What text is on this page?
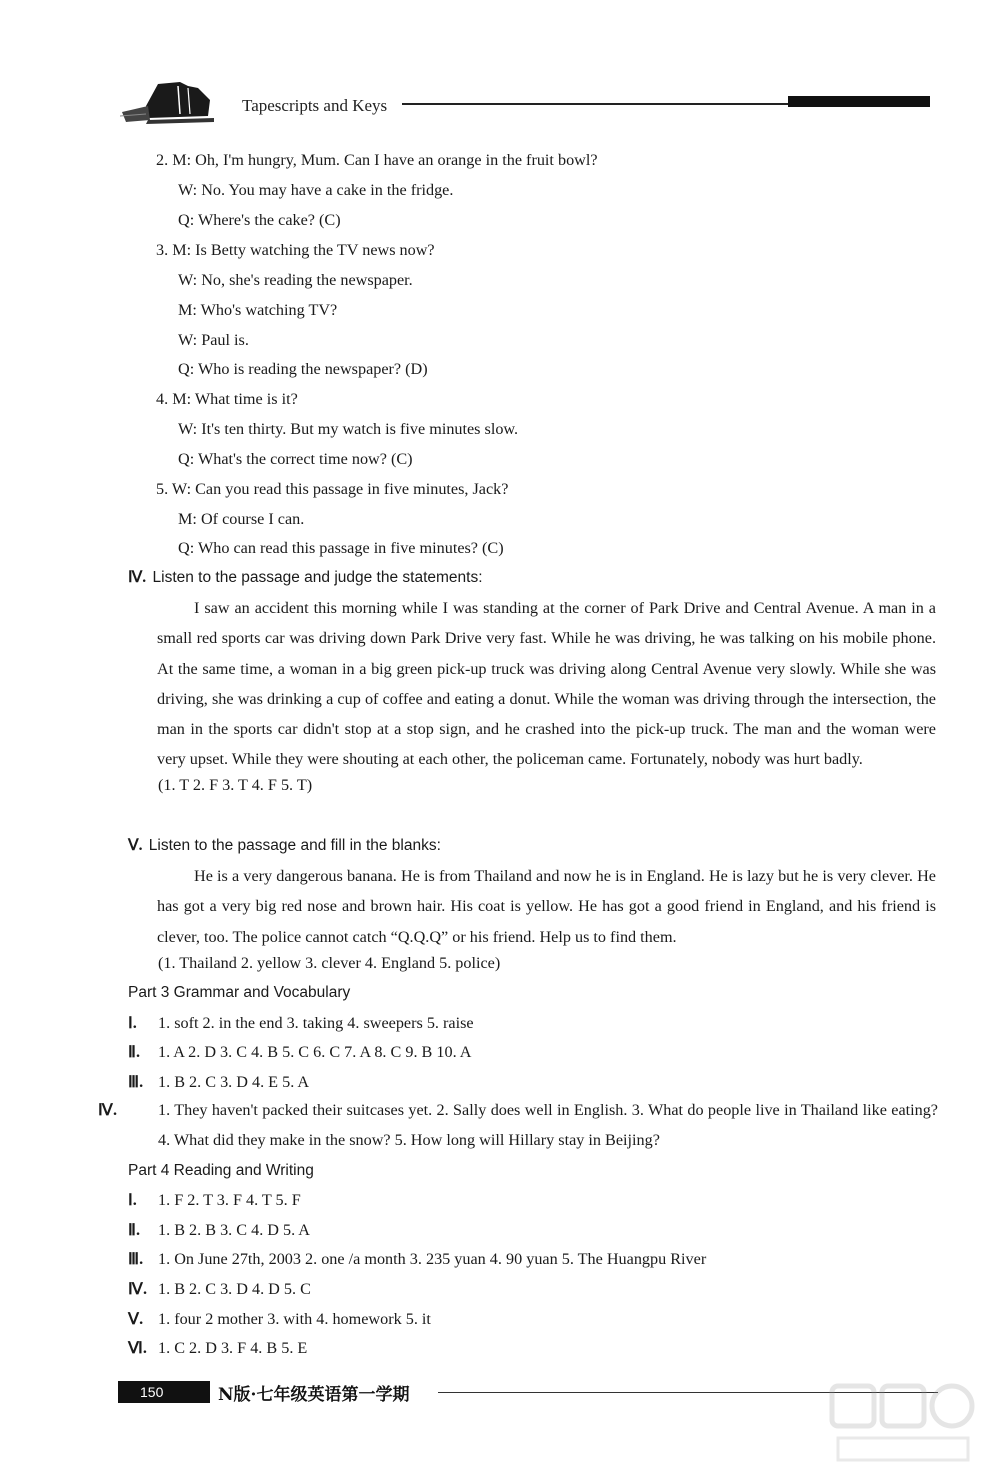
Tapescripts and Keys
2. M: Oh, I'm hungry, Mum. Can I have an orange in the fruit bowl?
W: No. You may have a cake in the fridge.
Q: Where's the cake? (C)
3. M: Is Betty watching the TV news now?
W: No, she's reading the newspaper.
M: Who's watching TV?
W: Paul is.
Q: Who is reading the newspaper? (D)
4. M: What time is it?
W: It's ten thirty. But my watch is five minutes slow.
Q: What's the correct time now? (C)
5. W: Can you read this passage in five minutes, Jack?
M: Of course I can.
Q: Who can read this passage in five minutes? (C)
Ⅳ. Listen to the passage and judge the statements:
I saw an accident this morning while I was standing at the corner of Park Drive and Central Avenue. A man in a small red sports car was driving down Park Drive very fast. While he was driving, he was talking on his mobile phone. At the same time, a woman in a big green pick-up truck was driving along Central Avenue very slowly. While she was driving, she was drinking a cup of coffee and eating a donut. While the woman was driving through the intersection, the man in the sports car didn't stop at a stop sign, and he crashed into the pick-up truck. The man and the woman were very upset. While they were shouting at each other, the policeman came. Fortunately, nobody was hurt badly.
(1. T 2. F 3. T 4. F 5. T)
Ⅴ. Listen to the passage and fill in the blanks:
He is a very dangerous banana. He is from Thailand and now he is in England. He is lazy but he is very clever. He has got a very big red nose and brown hair. His coat is yellow. He has got a good friend in England, and his friend is clever, too. The police cannot catch “Q.Q.Q” or his friend. Help us to find them.
(1. Thailand 2. yellow 3. clever 4. England 5. police)
Part 3 Grammar and Vocabulary
Ⅰ. 1. soft 2. in the end 3. taking 4. sweepers 5. raise
Ⅱ. 1. A 2. D 3. C 4. B 5. C 6. C 7. A 8. C 9. B 10. A
Ⅲ. 1. B 2. C 3. D 4. E 5. A
Ⅳ.	1. They haven't packed their suitcases yet. 2. Sally does well in English. 3. What do people live in Thailand like eating? 4. What did they make in the snow? 5. How long will Hillary stay in Beijing?
Part 4 Reading and Writing
Ⅰ. 1. F 2. T 3. F 4. T 5. F
Ⅱ. 1. B 2. B 3. C 4. D 5. A
Ⅲ. 1. On June 27th, 2003 2. one /a month 3. 235 yuan 4. 90 yuan 5. The Huangpu River
Ⅳ. 1. B 2. C 3. D 4. D 5. C
Ⅴ. 1. four 2 mother 3. with 4. homework 5. it
Ⅵ. 1. C 2. D 3. F 4. B 5. E
150	N版·七年级英语第一学期
